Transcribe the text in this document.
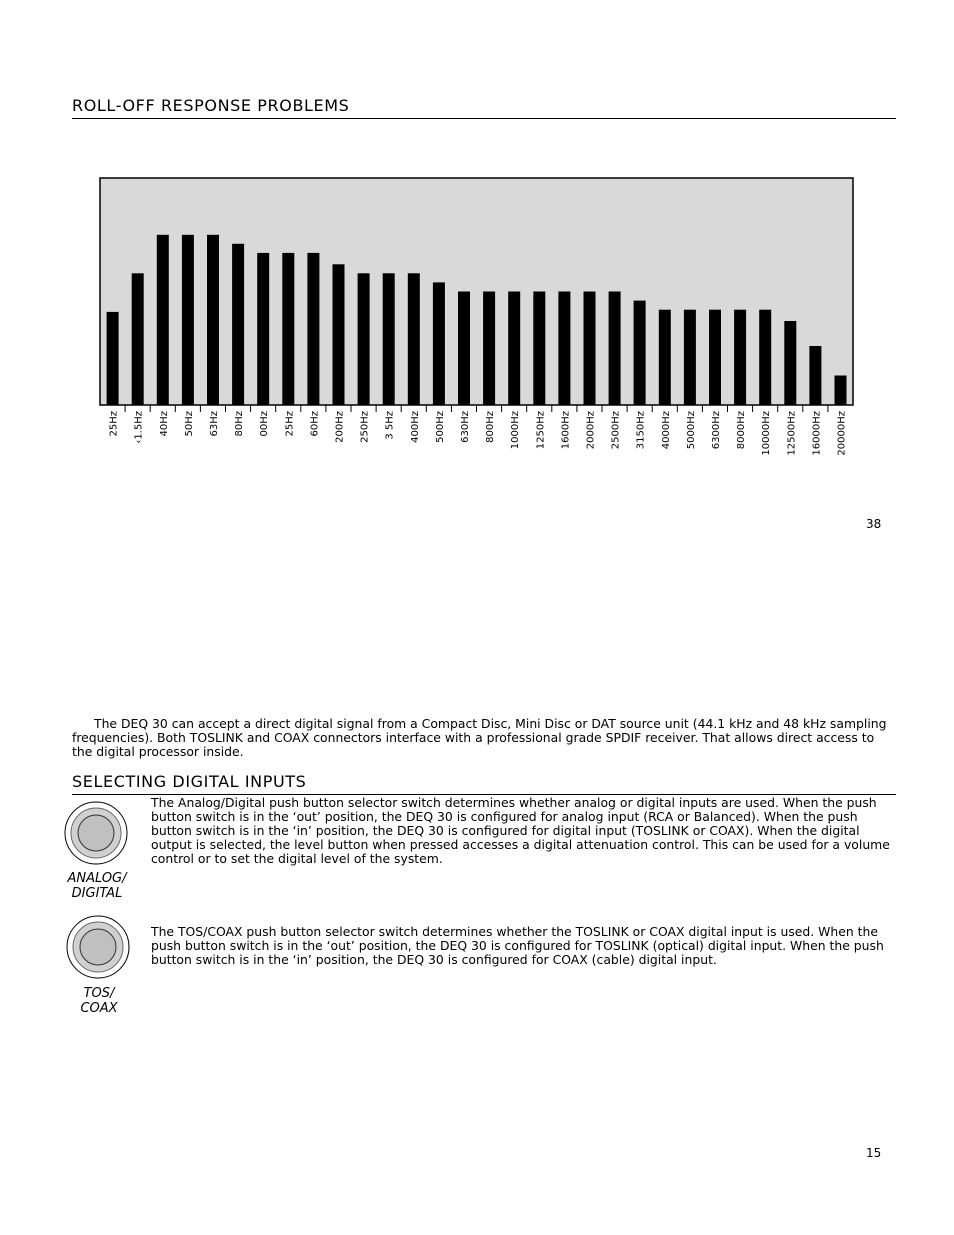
ROLL-OFF RESPONSE PROBLEMS
25Hz ‹1.5Hz 40Hz 50Hz 63Hz 80Hz 00Hz 25Hz 60Hz 200Hz 250Hz 3 5Hz 400Hz 500Hz 630Hz 800Hz 1000Hz 1250Hz 1600Hz 2000Hz 2500Hz 3150Hz 4000Hz 5000Hz 6300Hz 8000Hz 10000Hz 12500Hz 16000Hz 20000Hz
38

The DEQ 30 can accept a direct digital signal from a Compact Disc, Mini Disc or DAT source unit (44.1 kHz and 48 kHz sampling frequencies). Both TOSLINK and COAX connectors interface with a professional grade SPDIF receiver. That allows direct access to the digital processor inside.

SELECTING DIGITAL INPUTS
ANALOG/
DIGITAL

The Analog/Digital push button selector switch determines whether analog or digital inputs are used. When the push button switch is in the ‘out’ position, the DEQ 30 is configured for analog input (RCA or Balanced). When the push button switch is in the ‘in’ position, the DEQ 30 is configured for digital input (TOSLINK or COAX). When the digital output is selected, the level button when pressed accesses a digital attenuation control. This can be used for a volume control or to set the digital level of the system.

TOS/
COAX

The TOS/COAX push button selector switch determines whether the TOSLINK or COAX digital input is used. When the push button switch is in the ‘out’ position, the DEQ 30 is configured for TOSLINK (optical) digital input. When the push button switch is in the ‘in’ position, the DEQ 30 is configured for COAX (cable) digital input.

15
